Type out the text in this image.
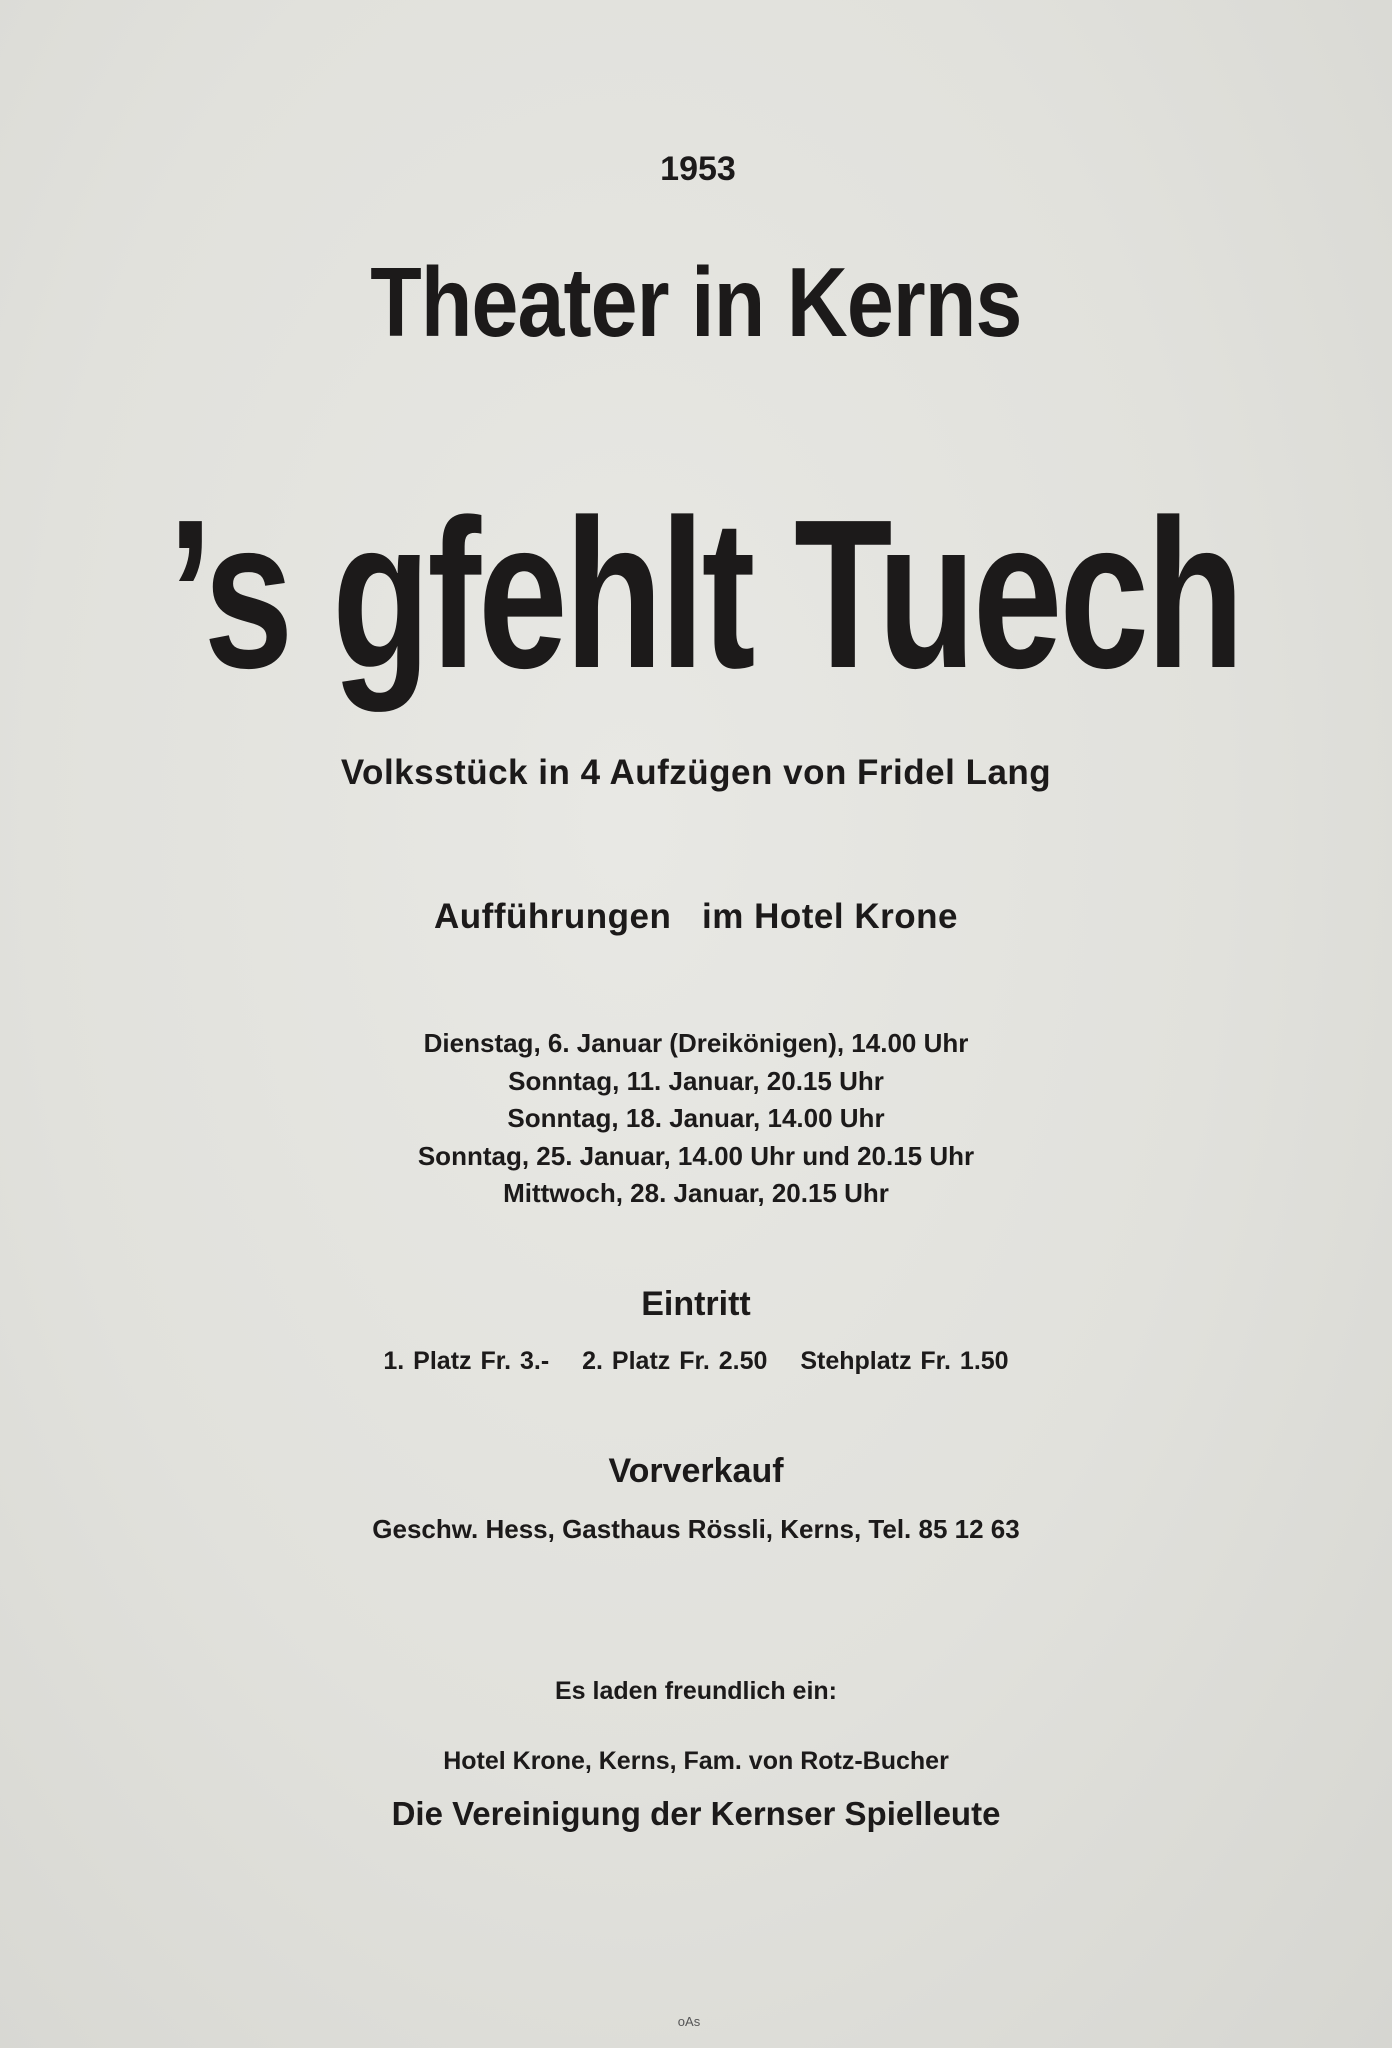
1953
Theater in Kerns
’s gfehlt Tuech
Volksstück in 4 Aufzügen von Fridel Lang
Aufführungen   im Hotel Krone
Dienstag, 6. Januar (Dreikönigen), 14.00 Uhr
Sonntag, 11. Januar, 20.15 Uhr
Sonntag, 18. Januar, 14.00 Uhr
Sonntag, 25. Januar, 14.00 Uhr und 20.15 Uhr
Mittwoch, 28. Januar, 20.15 Uhr
Eintritt
1. Platz Fr. 3.- 2. Platz Fr. 2.50 Stehplatz Fr. 1.50
Vorverkauf
Geschw. Hess, Gasthaus Rössli, Kerns, Tel. 85 12 63
Es laden freundlich ein:
Hotel Krone, Kerns, Fam. von Rotz-Bucher
Die Vereinigung der Kernser Spielleute
oAs
